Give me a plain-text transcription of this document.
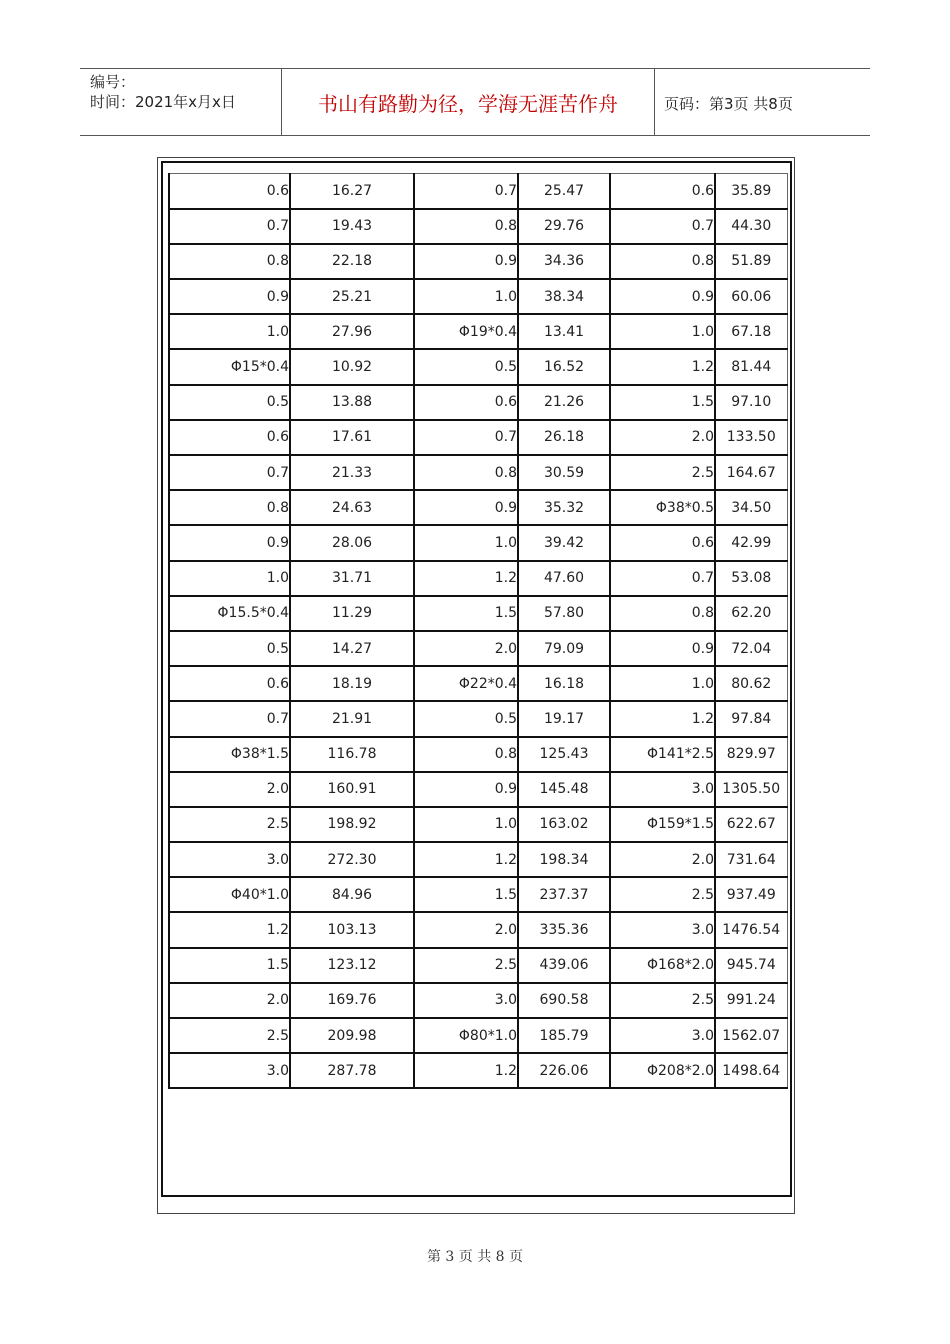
编号：
时间：2021年x月x日	书山有路勤为径，学海无涯苦作舟	页码：第3页 共8页
0.6	16.27	0.7	25.47	0.6	35.89
0.7	19.43	0.8	29.76	0.7	44.30
0.8	22.18	0.9	34.36	0.8	51.89
0.9	25.21	1.0	38.34	0.9	60.06
1.0	27.96	Φ19*0.4	13.41	1.0	67.18
Φ15*0.4	10.92	0.5	16.52	1.2	81.44
0.5	13.88	0.6	21.26	1.5	97.10
0.6	17.61	0.7	26.18	2.0	133.50
0.7	21.33	0.8	30.59	2.5	164.67
0.8	24.63	0.9	35.32	Φ38*0.5	34.50
0.9	28.06	1.0	39.42	0.6	42.99
1.0	31.71	1.2	47.60	0.7	53.08
Φ15.5*0.4	11.29	1.5	57.80	0.8	62.20
0.5	14.27	2.0	79.09	0.9	72.04
0.6	18.19	Φ22*0.4	16.18	1.0	80.62
0.7	21.91	0.5	19.17	1.2	97.84
Φ38*1.5	116.78	0.8	125.43	Φ141*2.5	829.97
2.0	160.91	0.9	145.48	3.0	1305.50
2.5	198.92	1.0	163.02	Φ159*1.5	622.67
3.0	272.30	1.2	198.34	2.0	731.64
Φ40*1.0	84.96	1.5	237.37	2.5	937.49
1.2	103.13	2.0	335.36	3.0	1476.54
1.5	123.12	2.5	439.06	Φ168*2.0	945.74
2.0	169.76	3.0	690.58	2.5	991.24
2.5	209.98	Φ80*1.0	185.79	3.0	1562.07
3.0	287.78	1.2	226.06	Φ208*2.0	1498.64
第 3 页 共 8 页
